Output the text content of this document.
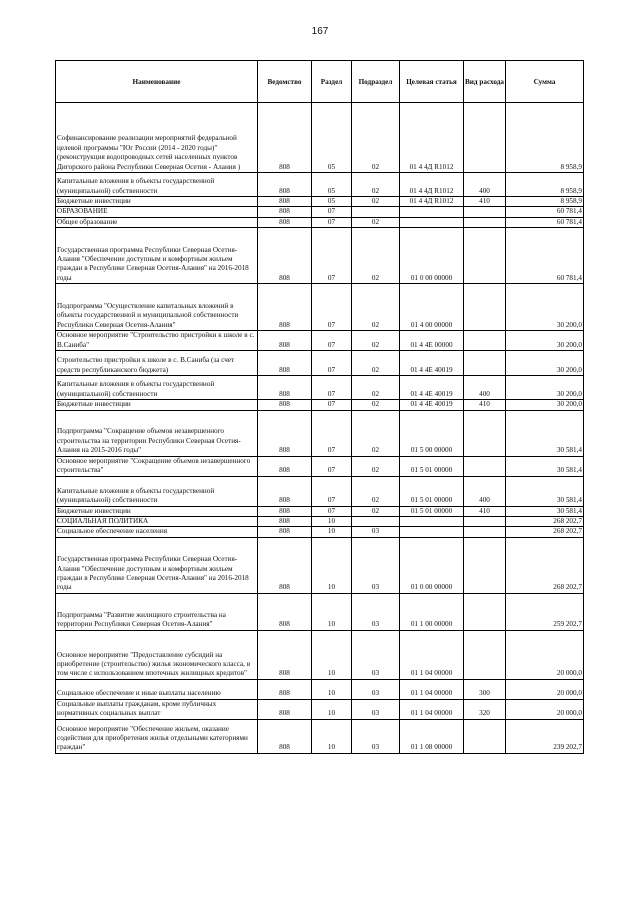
167
Наименование	Ведомство	Раздел	Подраздел	Целевая статья	Вид расхода	Сумма
Софинансирование реализации мероприятий федеральной целевой программы "Юг России (2014 - 2020 годы)" (реконструкция водопроводных сетей населенных пунктов Дигорского района Республики Северная Осетия - Алания )	808	05	02	01 4 4Д R1012		8 958,9
Капитальные вложения в объекты государственной (муниципальной) собственности	808	05	02	01 4 4Д R1012	400	8 958,9
Бюджетные инвестиции	808	05	02	01 4 4Д R1012	410	8 958,9
ОБРАЗОВАНИЕ	808	07				60 781,4
Общее образование	808	07	02			60 781,4
Государственная программа Республики Северная Осетия-Алания "Обеспечение доступным и комфортным жильем граждан в Республике Северная Осетия-Алания" на 2016-2018 годы	808	07	02	01 0 00 00000		60 781,4
Подпрограмма "Осуществление капитальных вложений в объекты государственной и муниципальной собственности Республики Северная Осетия-Алания"	808	07	02	01 4 00 00000		30 200,0
Основное мероприятие "Строительство пристройки к школе в с. В.Саниба"	808	07	02	01 4 4Е 00000		30 200,0
Строительство пристройки к школе в с. В.Саниба (за счет средств республиканского бюджета)	808	07	02	01 4 4Е 40019		30 200,0
Капитальные вложения в объекты государственной (муниципальной) собственности	808	07	02	01 4 4Е 40019	400	30 200,0
Бюджетные инвестиции	808	07	02	01 4 4Е 40019	410	30 200,0
Подпрограмма "Сокращение объемов незавершенного строительства на территории Республики Северная Осетия-Алания на 2015-2016 годы"	808	07	02	01 5 00 00000		30 581,4
Основное мероприятие "Сокращение объемов незавершенного строительства"	808	07	02	01 5 01 00000		30 581,4
Капитальные вложения в объекты государственной (муниципальной) собственности	808	07	02	01 5 01 00000	400	30 581,4
Бюджетные инвестиции	808	07	02	01 5 01 00000	410	30 581,4
СОЦИАЛЬНАЯ ПОЛИТИКА	808	10				268 202,7
Социальное обеспечение населения	808	10	03			268 202,7
Государственная программа Республики Северная Осетия-Алания "Обеспечение доступным и комфортным жильем граждан в Республике Северная Осетия-Алания" на 2016-2018 годы	808	10	03	01 0 00 00000		268 202,7
Подпрограмма "Развитие жилищного строительства на территории Республики Северная Осетия-Алания"	808	10	03	01 1 00 00000		259 202,7
Основное мероприятие "Предоставление субсидий на приобретение (строительство) жилья экономического класса, в том числе с использованием ипотечных жилищных кредитов"	808	10	03	01 1 04 00000		20 000,0
Социальное обеспечение и иные выплаты населению	808	10	03	01 1 04 00000	300	20 000,0
Социальные выплаты гражданам, кроме публичных нормативных социальных выплат	808	10	03	01 1 04 00000	320	20 000,0
Основное мероприятие "Обеспечение жильем, оказание содействия для приобретения жилья отдельными категориями граждан"	808	10	03	01 1 08 00000		239 202,7
